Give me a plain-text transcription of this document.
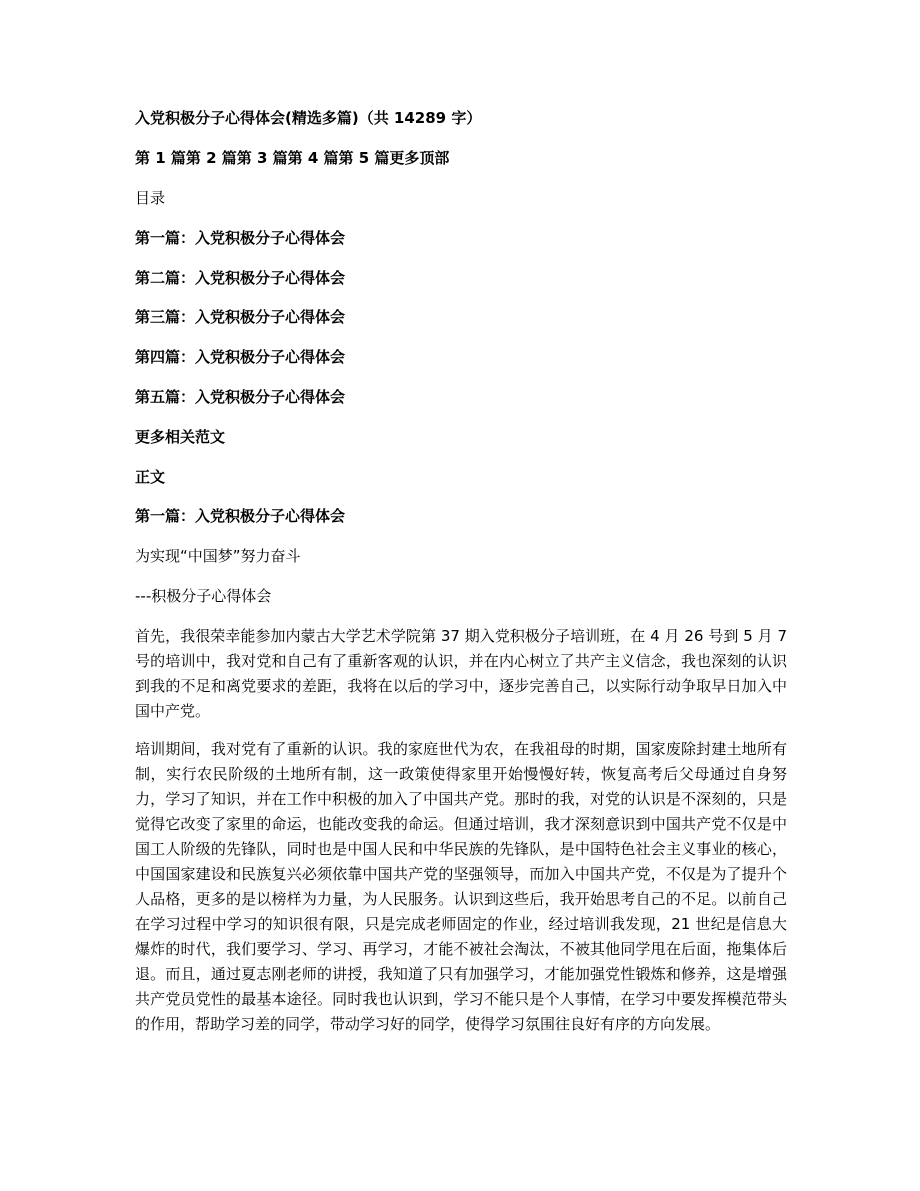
入党积极分子心得体会(精选多篇)（共 14289 字）

第 1 篇第 2 篇第 3 篇第 4 篇第 5 篇更多顶部

目录

第一篇：入党积极分子心得体会

第二篇：入党积极分子心得体会

第三篇：入党积极分子心得体会

第四篇：入党积极分子心得体会

第五篇：入党积极分子心得体会

更多相关范文

正文

第一篇：入党积极分子心得体会

为实现“中国梦”努力奋斗

---积极分子心得体会

首先，我很荣幸能参加内蒙古大学艺术学院第 37 期入党积极分子培训班，在 4 月 26 号到 5 月 7 号的培训中，我对党和自己有了重新客观的认识，并在内心树立了共产主义信念，我也深刻的认识到我的不足和离党要求的差距，我将在以后的学习中，逐步完善自己，以实际行动争取早日加入中国中产党。

培训期间，我对党有了重新的认识。我的家庭世代为农，在我祖母的时期，国家废除封建土地所有制，实行农民阶级的土地所有制，这一政策使得家里开始慢慢好转，恢复高考后父母通过自身努力，学习了知识，并在工作中积极的加入了中国共产党。那时的我，对党的认识是不深刻的，只是觉得它改变了家里的命运，也能改变我的命运。但通过培训，我才深刻意识到中国共产党不仅是中国工人阶级的先锋队，同时也是中国人民和中华民族的先锋队，是中国特色社会主义事业的核心，中国国家建设和民族复兴必须依靠中国共产党的坚强领导，而加入中国共产党，不仅是为了提升个人品格，更多的是以榜样为力量，为人民服务。认识到这些后，我开始思考自己的不足。以前自己在学习过程中学习的知识很有限，只是完成老师固定的作业，经过培训我发现，21 世纪是信息大爆炸的时代，我们要学习、学习、再学习，才能不被社会淘汰，不被其他同学甩在后面，拖集体后退。而且，通过夏志刚老师的讲授，我知道了只有加强学习，才能加强党性锻炼和修养，这是增强共产党员党性的最基本途径。同时我也认识到，学习不能只是个人事情，在学习中要发挥模范带头的作用，帮助学习差的同学，带动学习好的同学，使得学习氛围往良好有序的方向发展。
